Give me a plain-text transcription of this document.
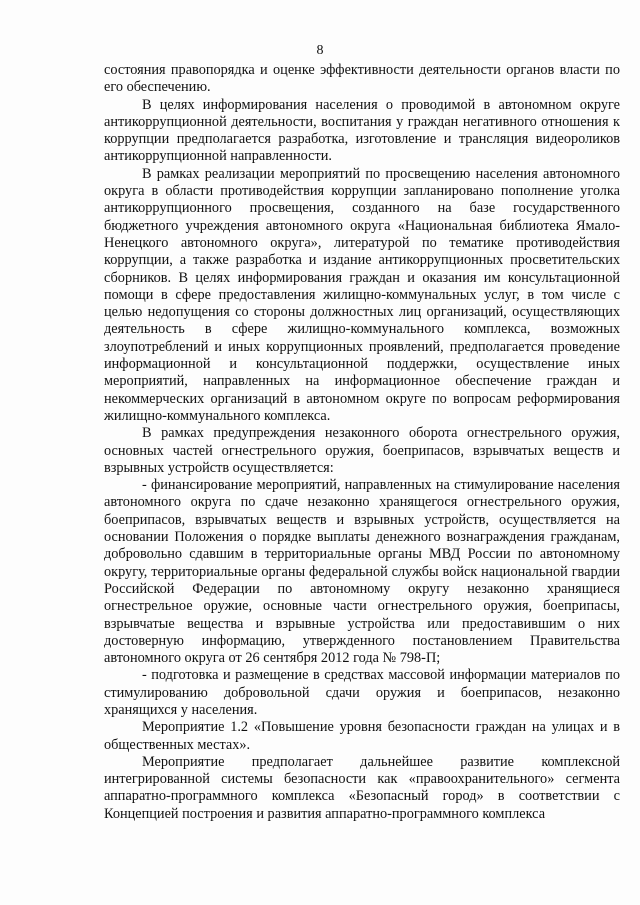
8

состояния правопорядка и оценке эффективности деятельности органов власти по его обеспечению.

В целях информирования населения о проводимой в автономном округе антикоррупционной деятельности, воспитания у граждан негативного отношения к коррупции предполагается разработка, изготовление и трансляция видеороликов антикоррупционной направленности.

В рамках реализации мероприятий по просвещению населения автономного округа в области противодействия коррупции запланировано пополнение уголка антикоррупционного просвещения, созданного на базе государственного бюджетного учреждения автономного округа «Национальная библиотека Ямало-Ненецкого автономного округа», литературой по тематике противодействия коррупции, а также разработка и издание антикоррупционных просветительских сборников. В целях информирования граждан и оказания им консультационной помощи в сфере предоставления жилищно-коммунальных услуг, в том числе с целью недопущения со стороны должностных лиц организаций, осуществляющих деятельность в сфере жилищно-коммунального комплекса, возможных злоупотреблений и иных коррупционных проявлений, предполагается проведение информационной и консультационной поддержки, осуществление иных мероприятий, направленных на информационное обеспечение граждан и некоммерческих организаций в автономном округе по вопросам реформирования жилищно-коммунального комплекса.

В рамках предупреждения незаконного оборота огнестрельного оружия, основных частей огнестрельного оружия, боеприпасов, взрывчатых веществ и взрывных устройств осуществляется:

- финансирование мероприятий, направленных на стимулирование населения автономного округа по сдаче незаконно хранящегося огнестрельного оружия, боеприпасов, взрывчатых веществ и взрывных устройств, осуществляется на основании Положения о порядке выплаты денежного вознаграждения гражданам, добровольно сдавшим в территориальные органы МВД России по автономному округу, территориальные органы федеральной службы войск национальной гвардии Российской Федерации по автономному округу незаконно хранящиеся огнестрельное оружие, основные части огнестрельного оружия, боеприпасы, взрывчатые вещества и взрывные устройства или предоставившим о них достоверную информацию, утвержденного постановлением Правительства автономного округа от 26 сентября 2012 года № 798-П;

- подготовка и размещение в средствах массовой информации материалов по стимулированию добровольной сдачи оружия и боеприпасов, незаконно хранящихся у населения.

Мероприятие 1.2 «Повышение уровня безопасности граждан на улицах и в общественных местах».

Мероприятие предполагает дальнейшее развитие комплексной интегрированной системы безопасности как «правоохранительного» сегмента аппаратно-программного комплекса «Безопасный город» в соответствии с Концепцией построения и развития аппаратно-программного комплекса
